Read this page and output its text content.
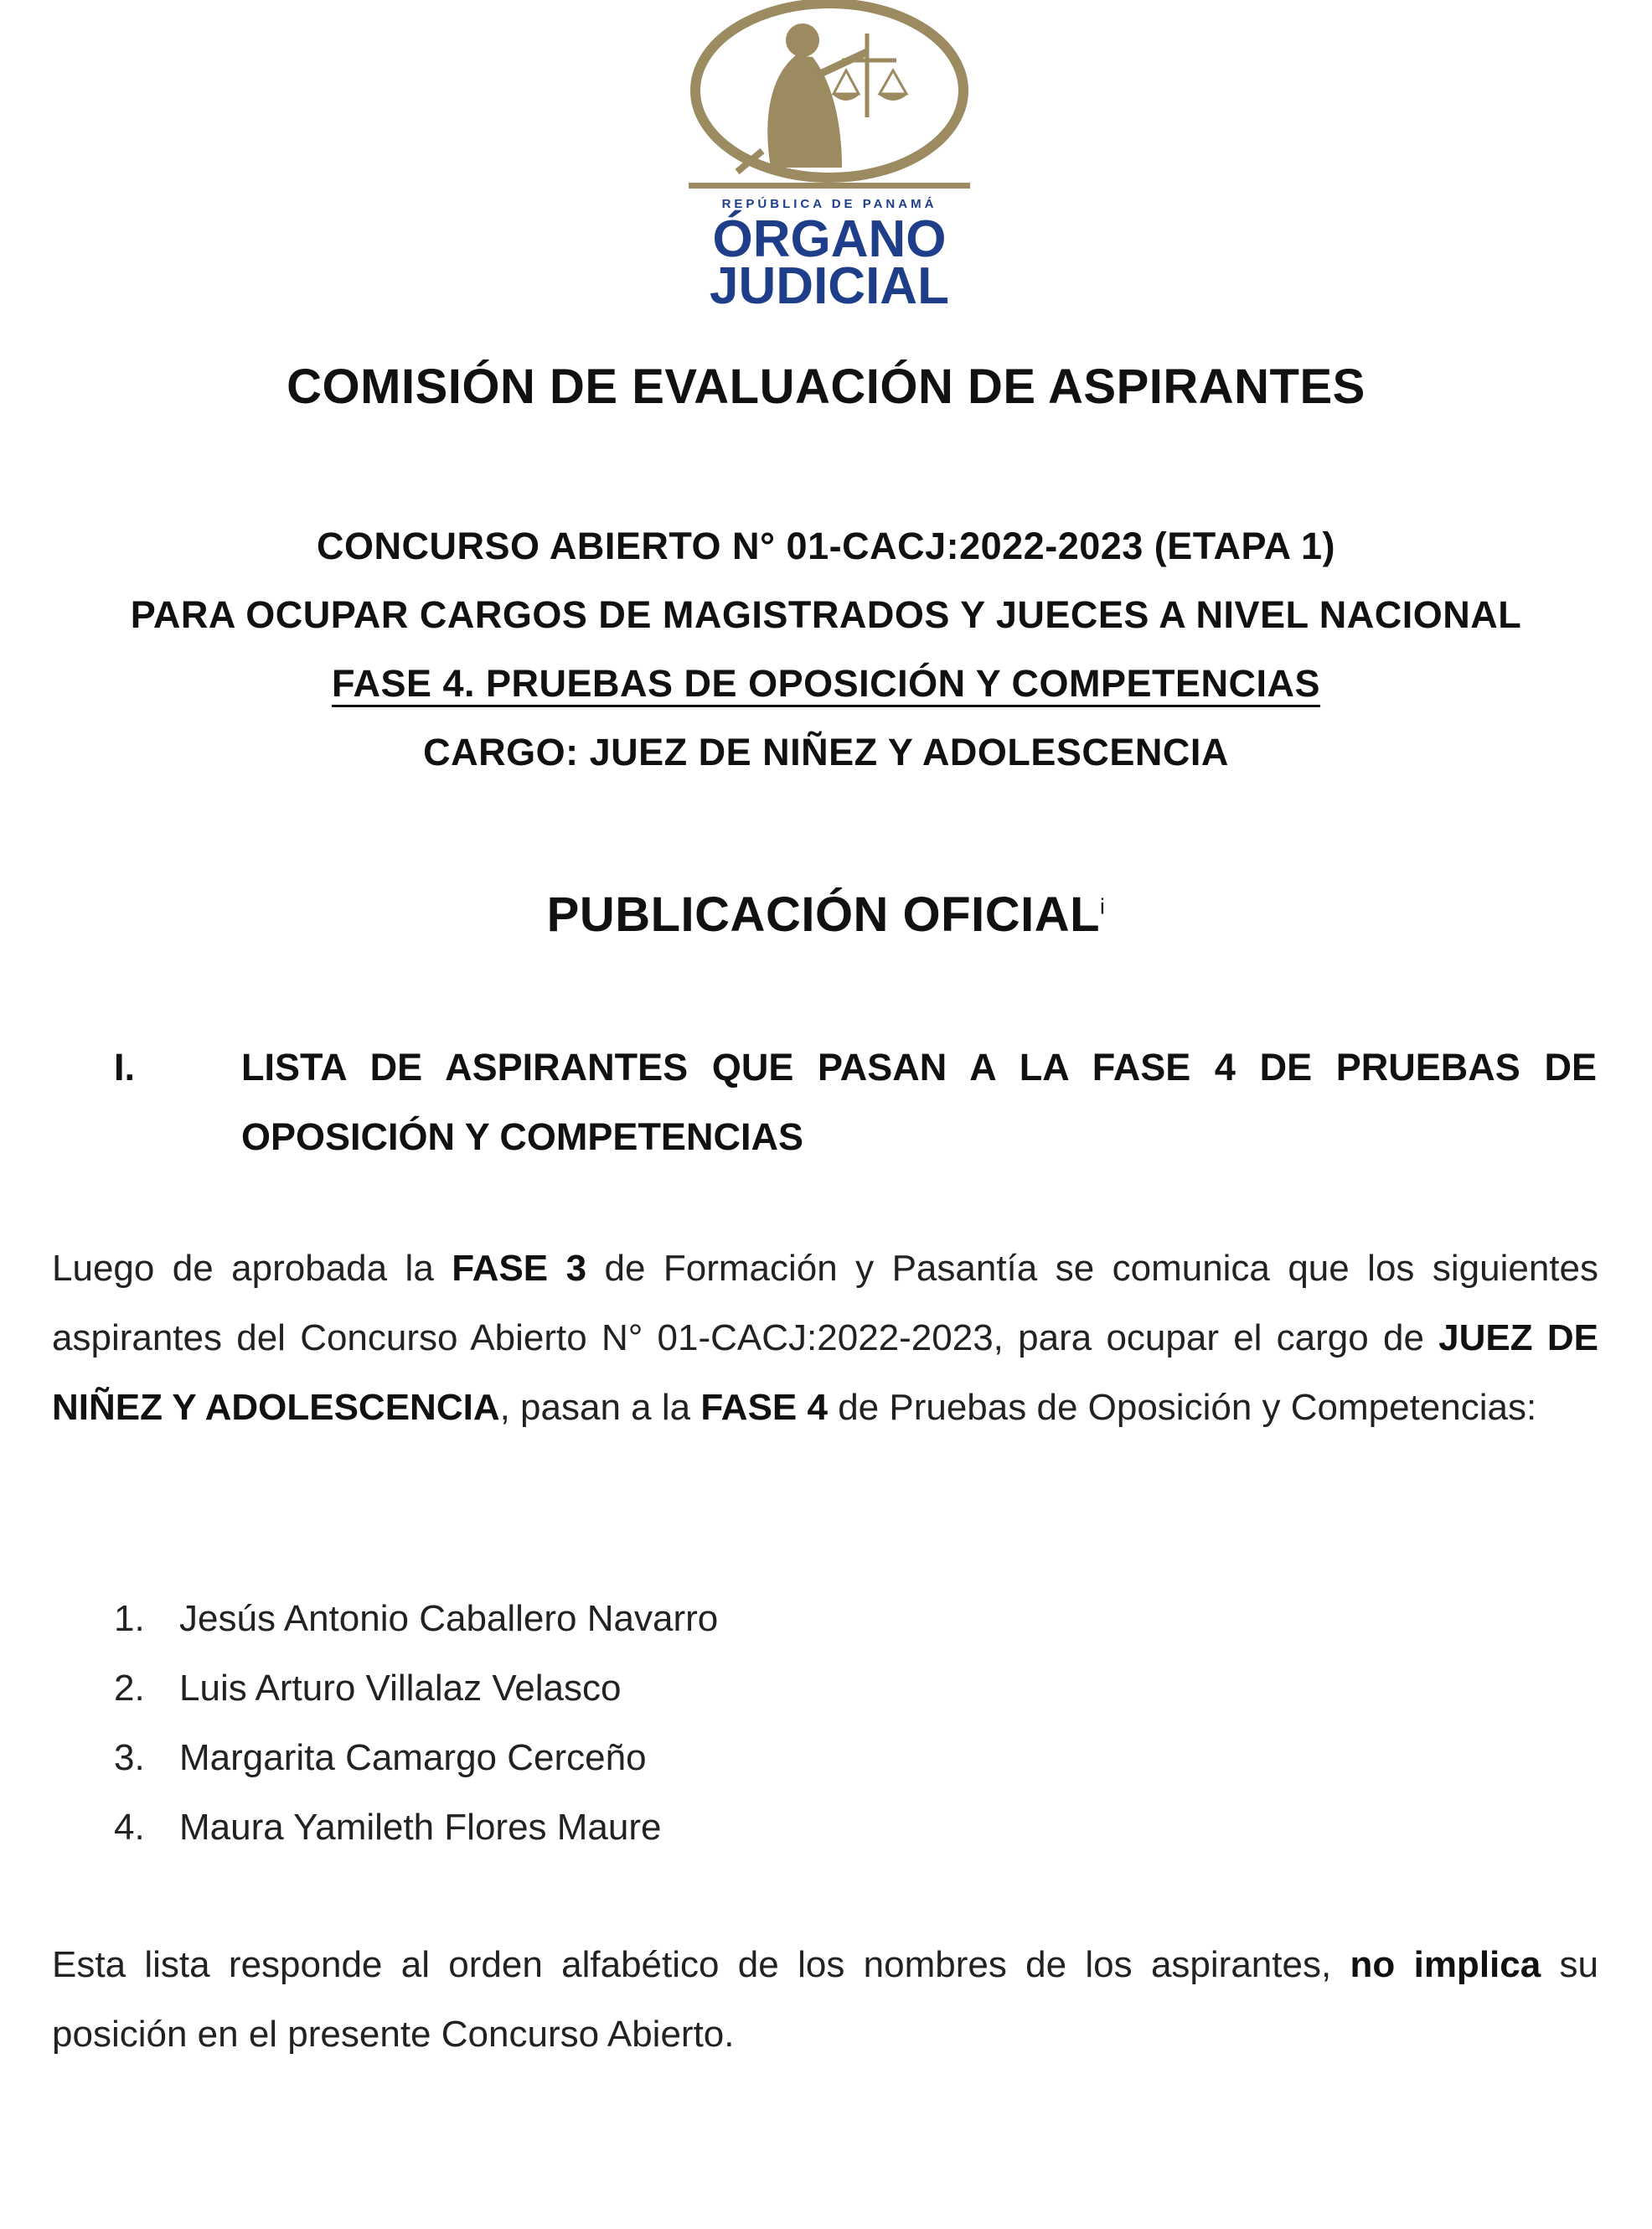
REPÚBLICA DE PANAMÁ
ÓRGANO
JUDICIAL
COMISIÓN DE EVALUACIÓN DE ASPIRANTES
CONCURSO ABIERTO N° 01-CACJ:2022-2023 (ETAPA 1)
PARA OCUPAR CARGOS DE MAGISTRADOS Y JUECES A NIVEL NACIONAL
FASE 4. PRUEBAS DE OPOSICIÓN Y COMPETENCIAS
CARGO: JUEZ DE NIÑEZ Y ADOLESCENCIA
PUBLICACIÓN OFICIAL$^i$
I.	LISTA DE ASPIRANTES QUE PASAN A LA FASE 4 DE PRUEBAS DE OPOSICIÓN Y COMPETENCIAS
Luego de aprobada la FASE 3 de Formación y Pasantía se comunica que los siguientes aspirantes del Concurso Abierto N° 01-CACJ:2022-2023, para ocupar el cargo de JUEZ DE NIÑEZ Y ADOLESCENCIA, pasan a la FASE 4 de Pruebas de Oposición y Competencias:
1. Jesús Antonio Caballero Navarro
2. Luis Arturo Villalaz Velasco
3. Margarita Camargo Cerceño
4. Maura Yamileth Flores Maure
Esta lista responde al orden alfabético de los nombres de los aspirantes, no implica su posición en el presente Concurso Abierto.
